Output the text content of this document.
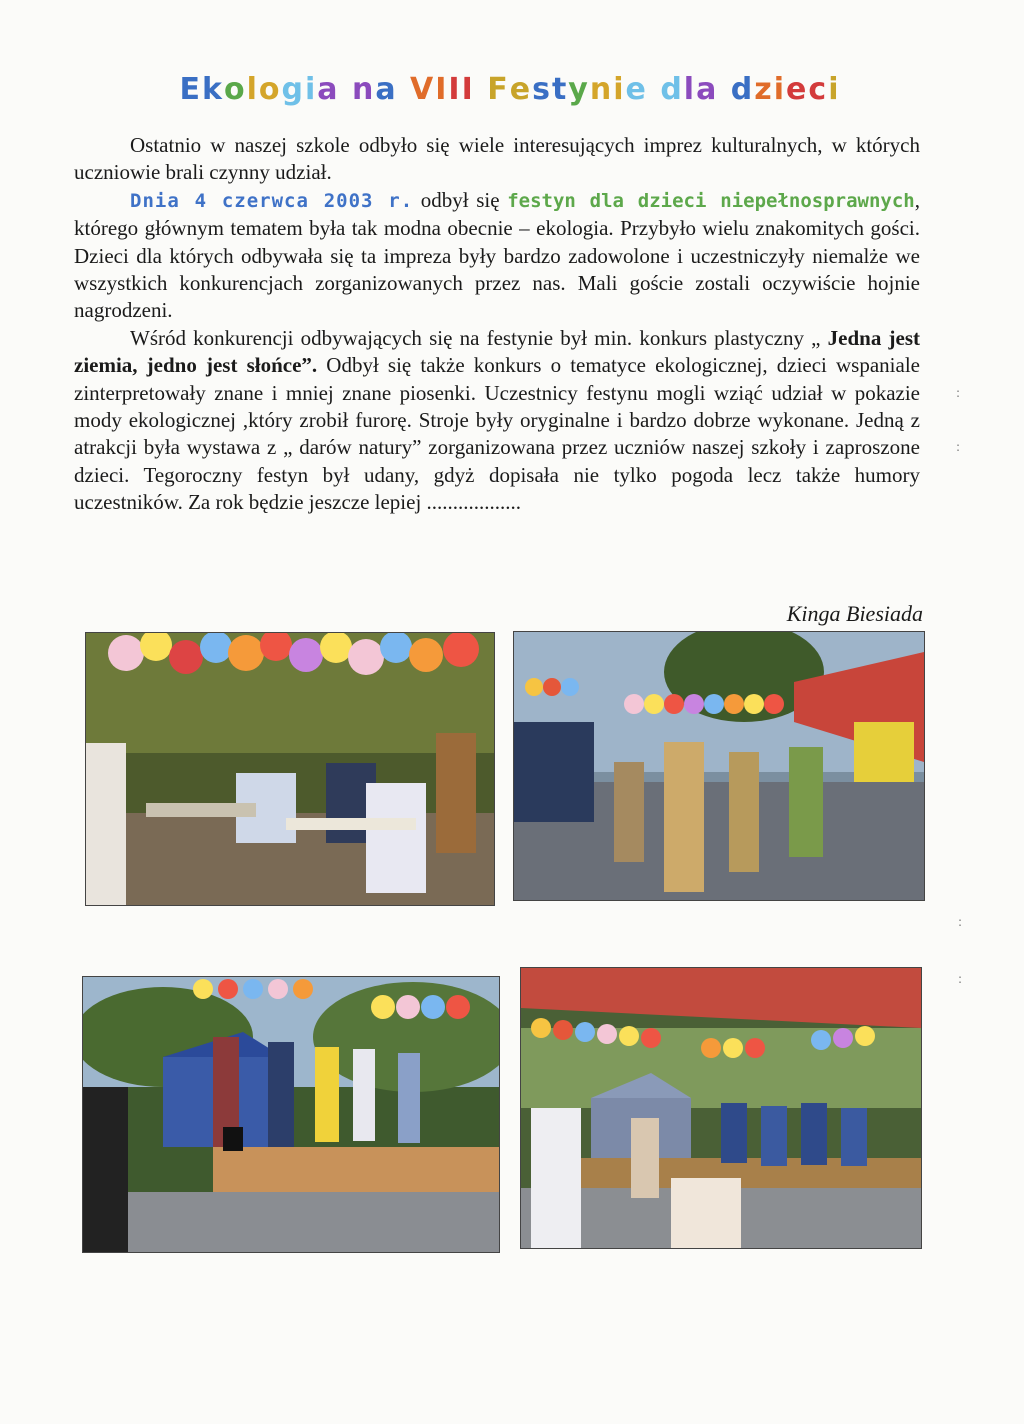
Ekologia na VIII Festynie dla dzieci

Ostatnio w naszej szkole odbyło się wiele interesujących imprez kulturalnych, w których uczniowie brali czynny udział.

Dnia 4 czerwca 2003 r. odbył się festyn dla dzieci niepełnosprawnych, którego głównym tematem była tak modna obecnie – ekologia. Przybyło wielu znakomitych gości. Dzieci dla których odbywała się ta impreza były bardzo zadowolone i uczestniczyły niemalże we wszystkich konkurencjach zorganizowanych przez nas. Mali goście zostali oczywiście hojnie nagrodzeni.

Wśród konkurencji odbywających się na festynie był min. konkurs plastyczny „ Jedna jest ziemia, jedno jest słońce”. Odbył się także konkurs o tematyce ekologicznej, dzieci wspaniale zinterpretowały znane i mniej znane piosenki. Uczestnicy festynu mogli wziąć udział w pokazie mody ekologicznej ,który zrobił furorę. Stroje były oryginalne i bardzo dobrze wykonane. Jedną z atrakcji była wystawa z „ darów natury” zorganizowana przez uczniów naszej szkoły i zaproszone dzieci. Tegoroczny festyn był udany, gdyż dopisała nie tylko pogoda lecz także humory uczestników. Za rok będzie jeszcze lepiej ..................

Kinga Biesiada
:
:
:
:
